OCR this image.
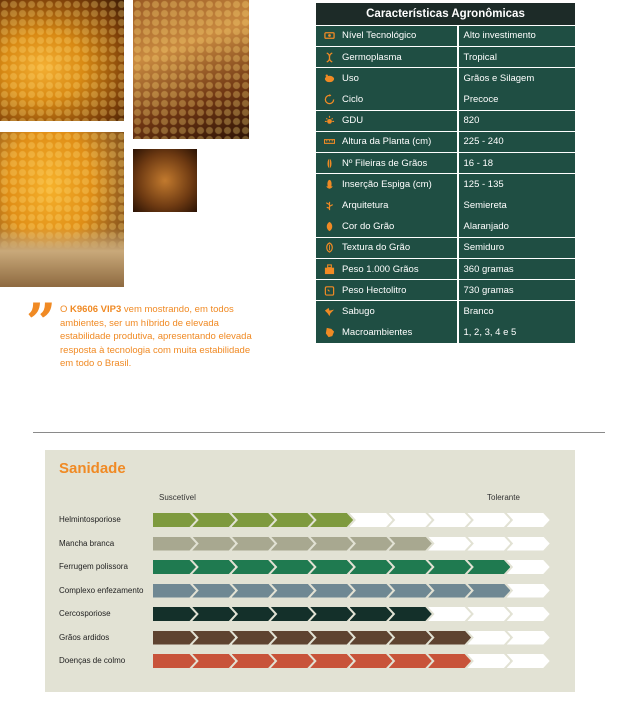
Características Agronômicas
Nível Tecnológico	Alto investimento
Germoplasma	Tropical
Uso	Grãos e Silagem
Ciclo	Precoce
GDU	820
Altura da Planta (cm)	225 - 240
Nº Fileiras de Grãos	16 - 18
Inserção Espiga (cm)	125 - 135
Arquitetura	Semiereta
Cor do Grão	Alaranjado
Textura do Grão	Semiduro
Peso 1.000 Grãos	360 gramas
Peso Hectolitro	730 gramas
Sabugo	Branco
Macroambientes	1, 2, 3, 4 e 5
” O K9606 VIP3 vem mostrando, em todos ambientes, ser um híbrido de elevada estabilidade produtiva, apresentando elevada resposta à tecnologia com muita estabilidade em todo o Brasil.
Sanidade
Suscetível	Tolerante
Helmintosporiose
Mancha branca
Ferrugem polissora
Complexo enfezamento
Cercosporiose
Grãos ardidos
Doenças de colmo
